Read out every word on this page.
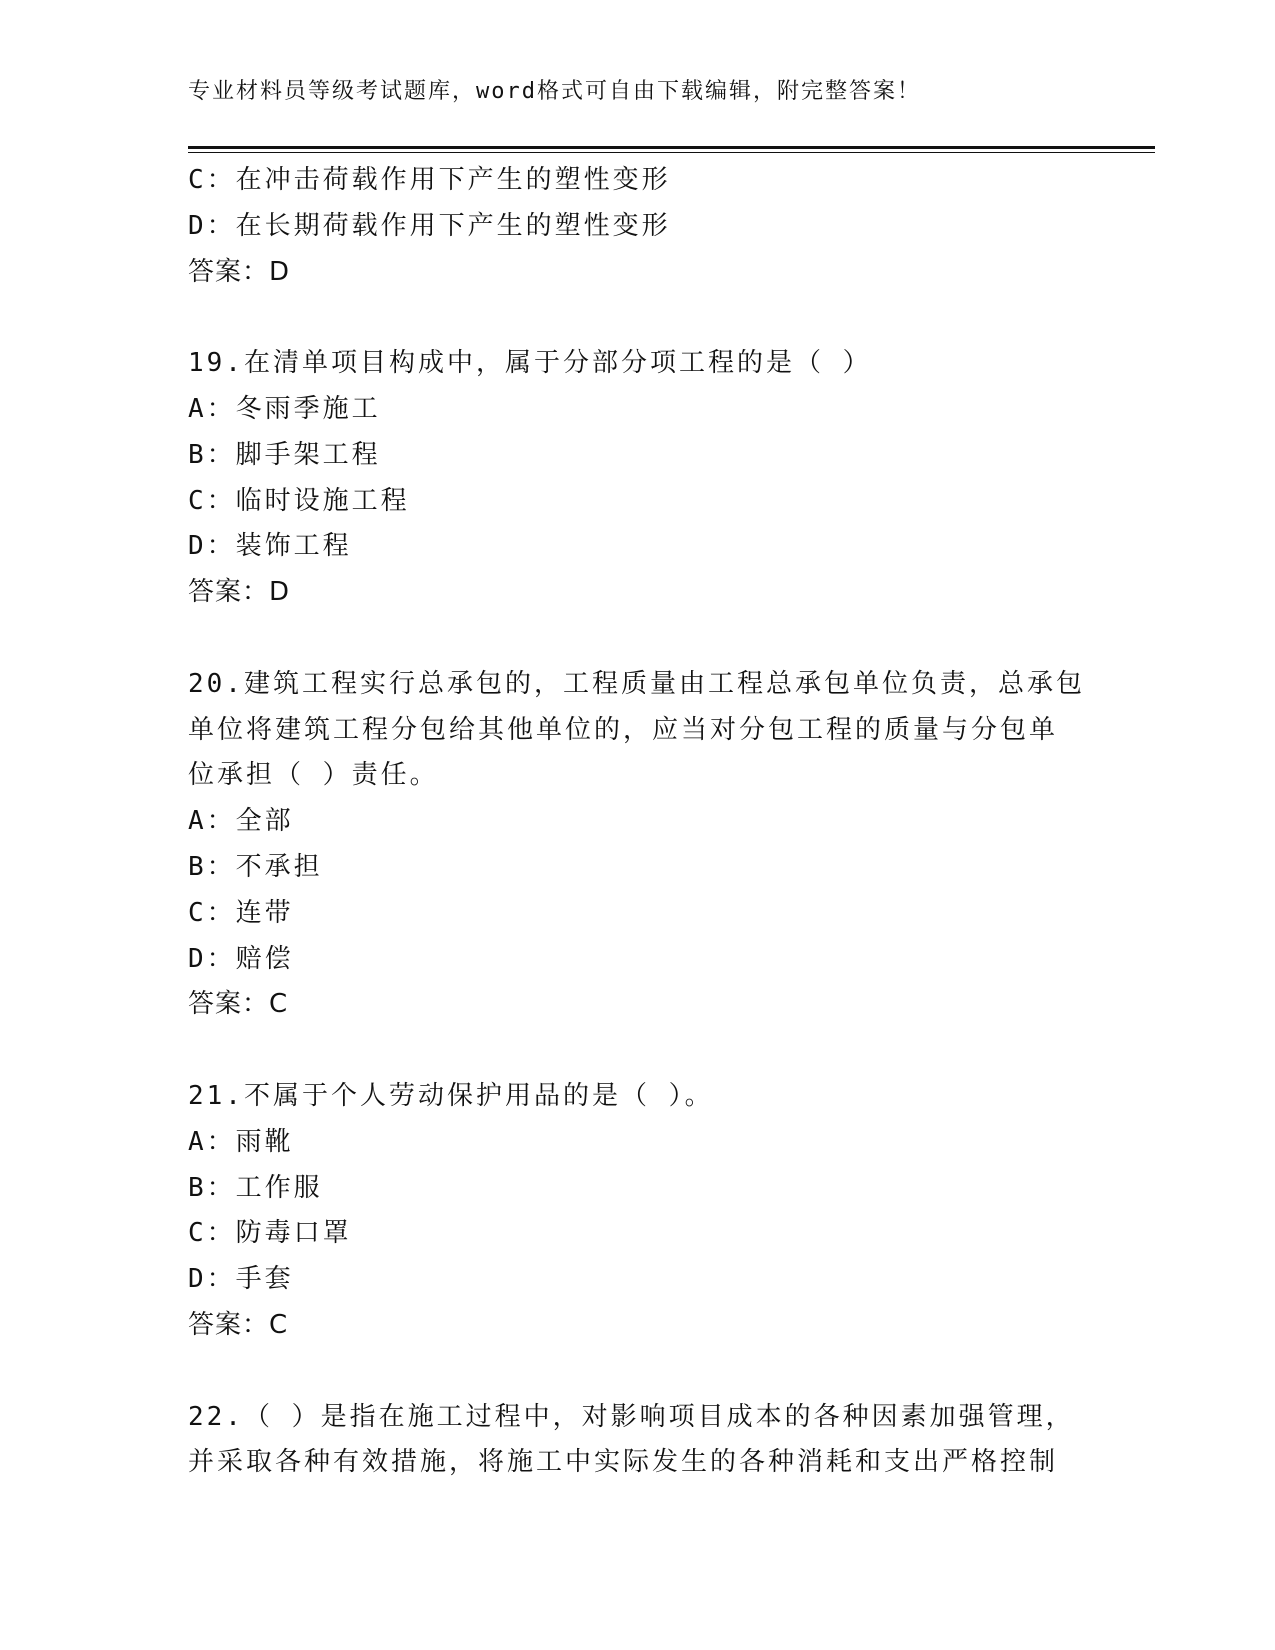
专业材料员等级考试题库，word格式可自由下载编辑，附完整答案！
C：在冲击荷载作用下产生的塑性变形
D：在长期荷载作用下产生的塑性变形
答案：D
19.在清单项目构成中，属于分部分项工程的是（ ）
A：冬雨季施工
B：脚手架工程
C：临时设施工程
D：装饰工程
答案：D
20.建筑工程实行总承包的，工程质量由工程总承包单位负责，总承包
单位将建筑工程分包给其他单位的，应当对分包工程的质量与分包单
位承担（ ）责任。
A：全部
B：不承担
C：连带
D：赔偿
答案：C
21.不属于个人劳动保护用品的是（ ）。
A：雨靴
B：工作服
C：防毒口罩
D：手套
答案：C
22.（ ）是指在施工过程中，对影响项目成本的各种因素加强管理，
并采取各种有效措施，将施工中实际发生的各种消耗和支出严格控制
